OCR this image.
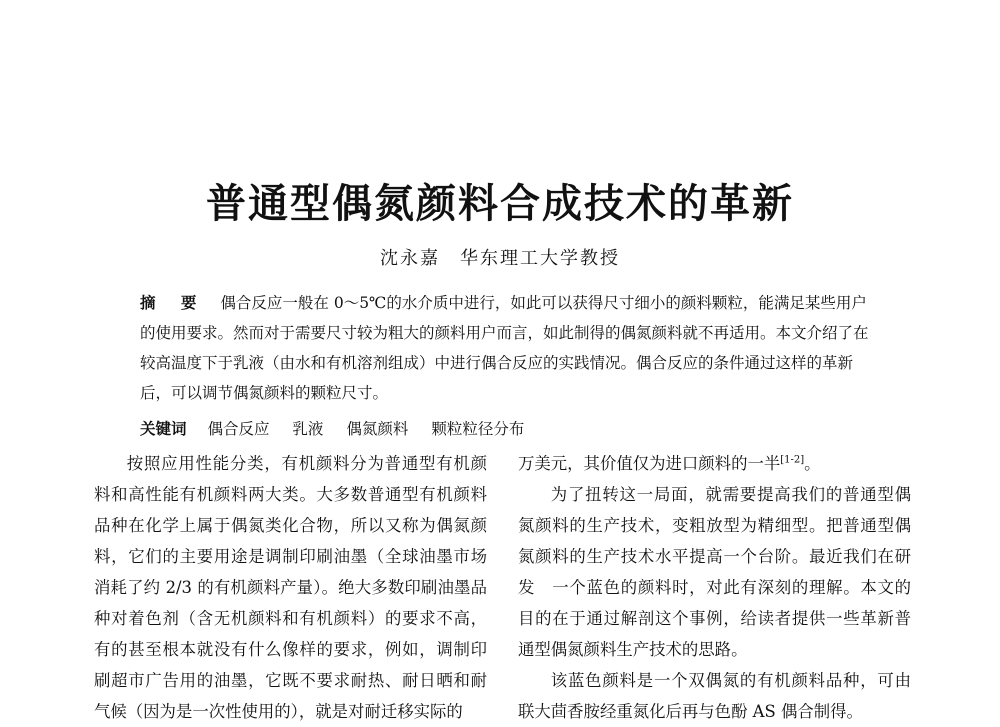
普通型偶氮颜料合成技术的革新
沈永嘉　华东理工大学教授
摘 要 偶合反应一般在 0～5℃的水介质中进行，如此可以获得尺寸细小的颜料颗粒，能满足某些用户的使用要求。然而对于需要尺寸较为粗大的颜料用户而言，如此制得的偶氮颜料就不再适用。本文介绍了在较高温度下于乳液（由水和有机溶剂组成）中进行偶合反应的实践情况。偶合反应的条件通过这样的革新后，可以调节偶氮颜料的颗粒尺寸。
关键词 偶合反应 乳液 偶氮颜料 颗粒粒径分布

按照应用性能分类，有机颜料分为普通型有机颜料和高性能有机颜料两大类。大多数普通型有机颜料品种在化学上属于偶氮类化合物，所以又称为偶氮颜料，它们的主要用途是调制印刷油墨（全球油墨市场消耗了约 2/3 的有机颜料产量）。绝大多数印刷油墨品种对着色剂（含无机颜料和有机颜料）的要求不高，有的甚至根本就没有什么像样的要求，例如，调制印刷超市广告用的油墨，它既不要求耐热、耐日晒和耐气候（因为是一次性使用的），就是对耐迁移实际的

万美元，其价值仅为进口颜料的一半[1-2]。

为了扭转这一局面，就需要提高我们的普通型偶氮颜料的生产技术，变粗放型为精细型。把普通型偶氮颜料的生产技术水平提高一个台阶。最近我们在研发　一个蓝色的颜料时，对此有深刻的理解。本文的目的在于通过解剖这个事例，给读者提供一些革新普通型偶氮颜料生产技术的思路。

该蓝色颜料是一个双偶氮的有机颜料品种，可由联大茴香胺经重氮化后再与色酚 AS 偶合制得。
